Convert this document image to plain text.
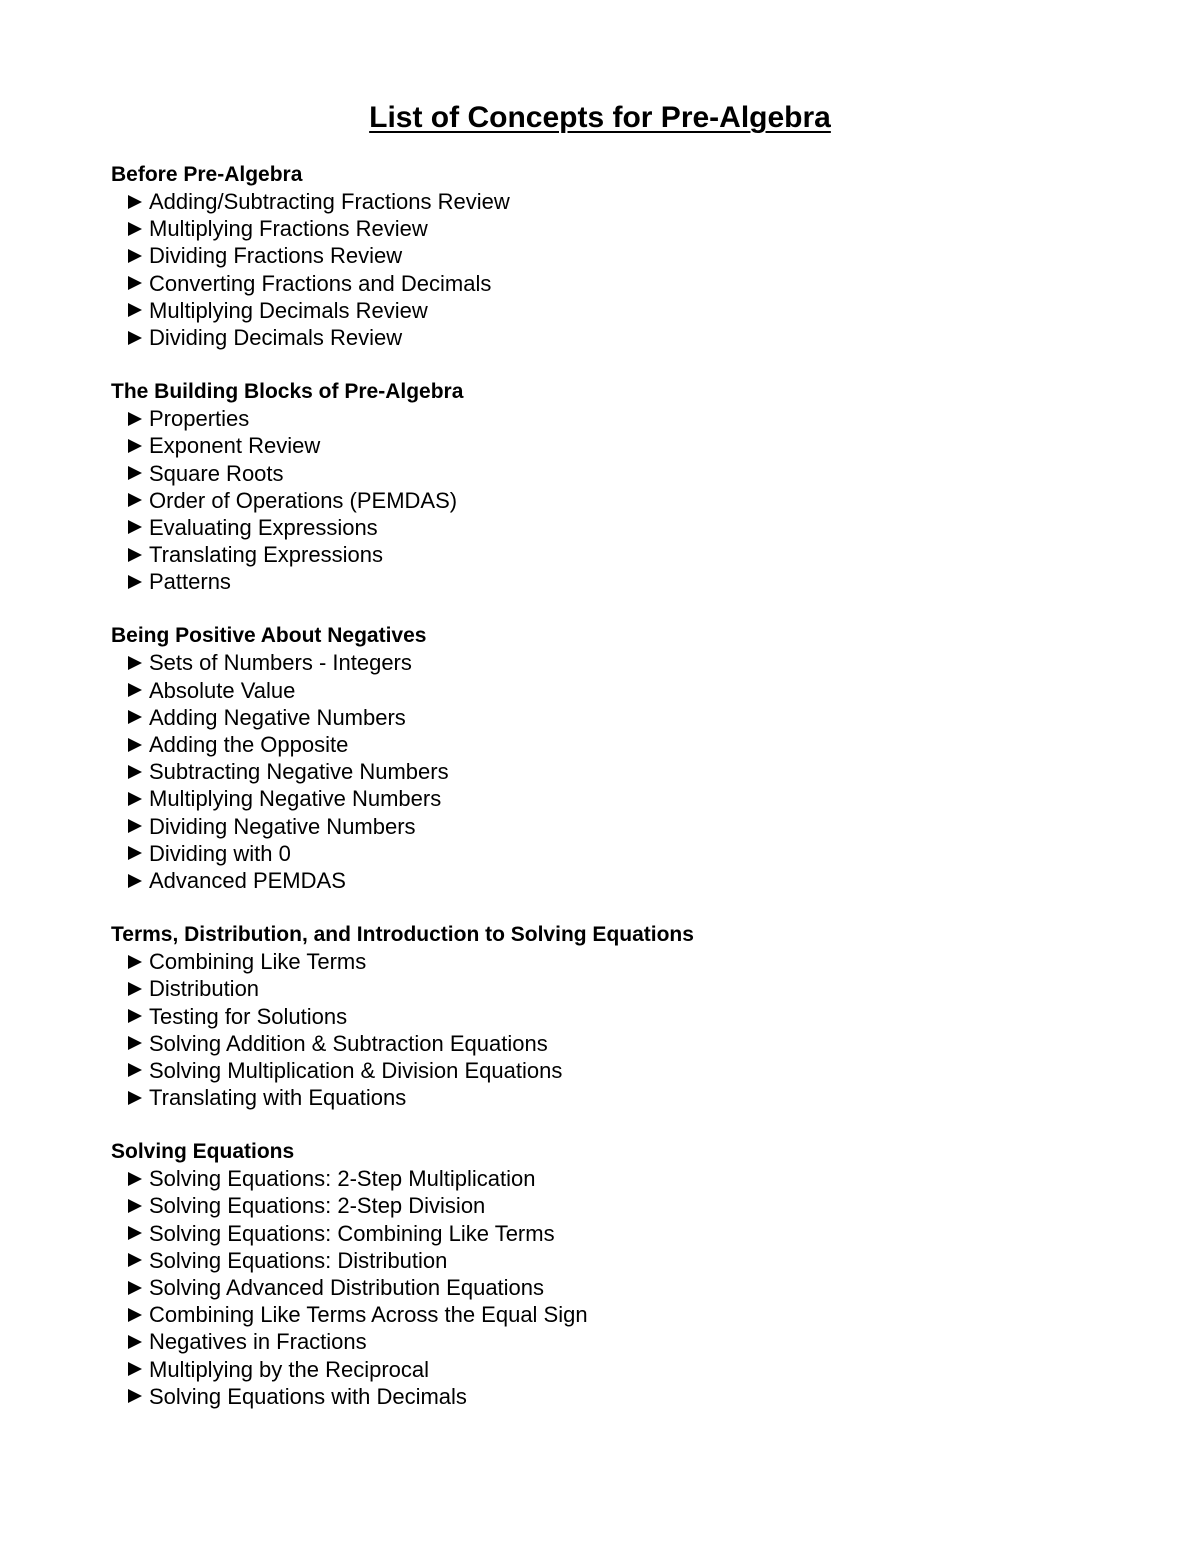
List of Concepts for Pre-Algebra
Before Pre-Algebra
Adding/Subtracting Fractions Review
Multiplying Fractions Review
Dividing Fractions Review
Converting Fractions and Decimals
Multiplying Decimals Review
Dividing Decimals Review
The Building Blocks of Pre-Algebra
Properties
Exponent Review
Square Roots
Order of Operations (PEMDAS)
Evaluating Expressions
Translating Expressions
Patterns
Being Positive About Negatives
Sets of Numbers - Integers
Absolute Value
Adding Negative Numbers
Adding the Opposite
Subtracting Negative Numbers
Multiplying Negative Numbers
Dividing Negative Numbers
Dividing with 0
Advanced PEMDAS
Terms, Distribution, and Introduction to Solving Equations
Combining Like Terms
Distribution
Testing for Solutions
Solving Addition & Subtraction Equations
Solving Multiplication & Division Equations
Translating with Equations
Solving Equations
Solving Equations: 2-Step Multiplication
Solving Equations: 2-Step Division
Solving Equations: Combining Like Terms
Solving Equations: Distribution
Solving Advanced Distribution Equations
Combining Like Terms Across the Equal Sign
Negatives in Fractions
Multiplying by the Reciprocal
Solving Equations with Decimals
